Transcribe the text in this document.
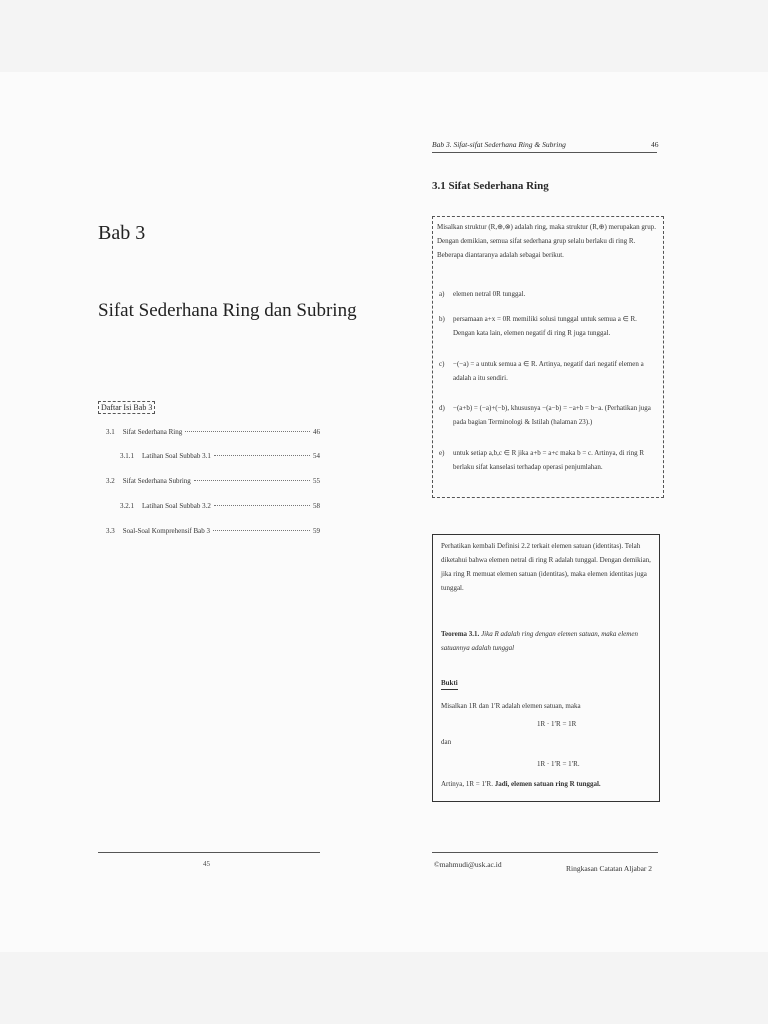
Bab 3
Sifat Sederhana Ring dan Subring
Daftar Isi Bab 3
3.1 Sifat Sederhana Ring	46
3.1.1 Latihan Soal Subbab 3.1	54
3.2 Sifat Sederhana Subring	55
3.2.1 Latihan Soal Subbab 3.2	58
3.3 Soal-Soal Komprehensif Bab 3	59
45
Bab 3. Sifat-sifat Sederhana Ring & Subring	46
3.1 Sifat Sederhana Ring
Misalkan struktur (R,⊕,⊗) adalah ring, maka struktur (R,⊕) merupakan grup. Dengan demikian, semua sifat sederhana grup selalu berlaku di ring R. Beberapa diantaranya adalah sebagai berikut.
a)	elemen netral 0R tunggal.
b)	persamaan a+x = 0R memiliki solusi tunggal untuk semua a ∈ R. Dengan kata lain, elemen negatif di ring R juga tunggal.
c)	−(−a) = a untuk semua a ∈ R. Artinya, negatif dari negatif elemen a adalah a itu sendiri.
d)	−(a+b) = (−a)+(−b), khususnya −(a−b) = −a+b = b−a. (Perhatikan juga pada bagian Terminologi & Istilah (halaman 23).)
e)	untuk setiap a,b,c ∈ R jika a+b = a+c maka b = c. Artinya, di ring R berlaku sifat kanselasi terhadap operasi penjumlahan.
Perhatikan kembali Definisi 2.2 terkait elemen satuan (identitas). Telah diketahui bahwa elemen netral di ring R adalah tunggal. Dengan demikian, jika ring R memuat elemen satuan (identitas), maka elemen identitas juga tunggal.
Teorema 3.1. Jika R adalah ring dengan elemen satuan, maka elemen satuannya adalah tunggal
Bukti
Misalkan 1R dan 1′R adalah elemen satuan, maka
1R · 1′R = 1R
dan
1R · 1′R = 1′R.
Artinya, 1R = 1′R. Jadi, elemen satuan ring R tunggal.
©mahmudi@usk.ac.id	Ringkasan Catatan Aljabar 2
